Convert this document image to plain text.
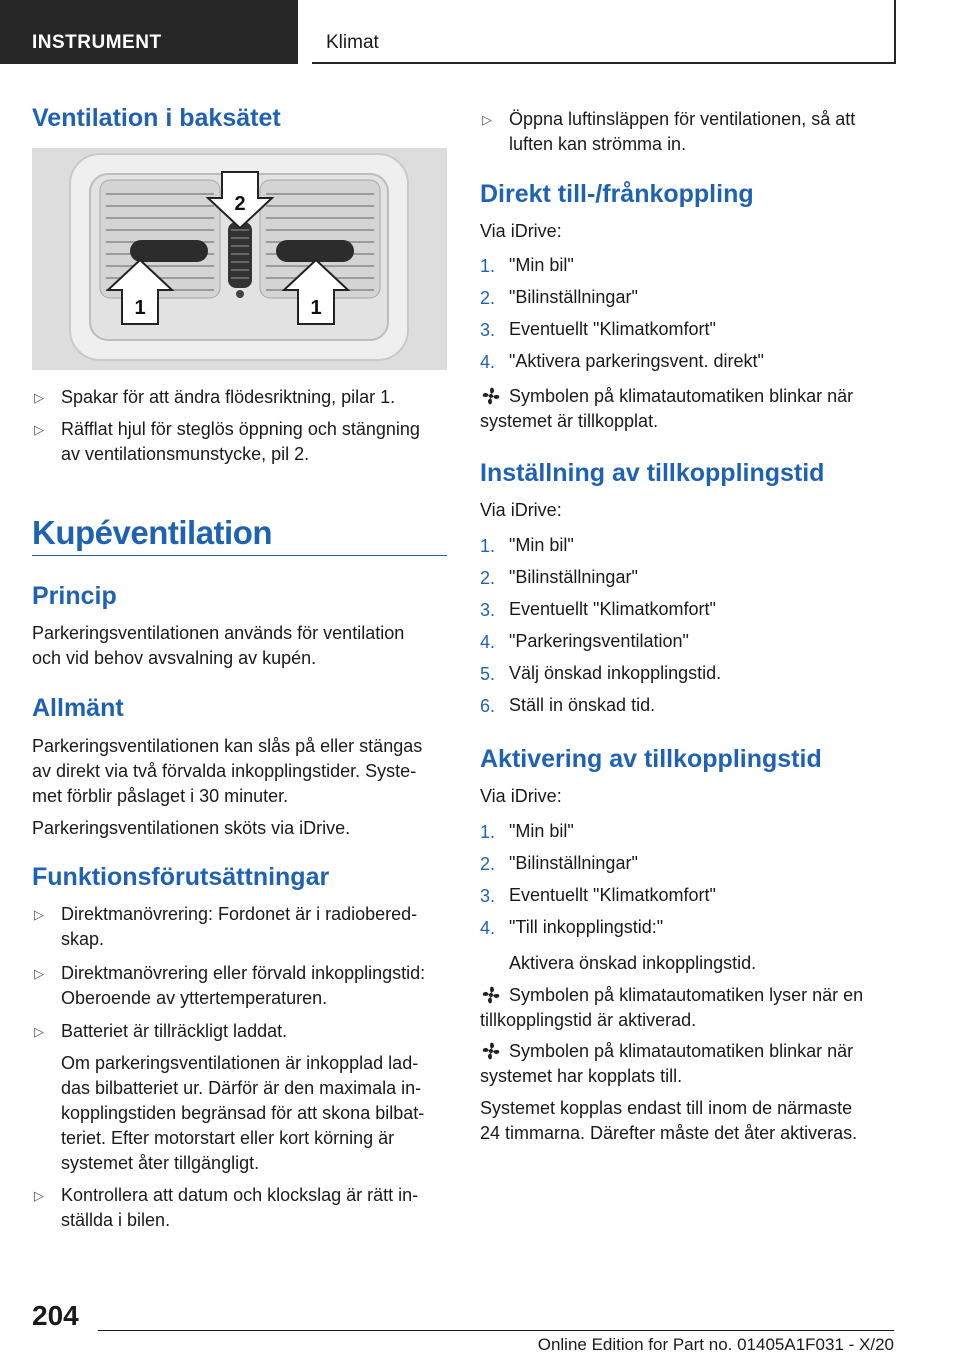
INSTRUMENT	Klimat
Ventilation i baksätet
2
1	1
▷ Spakar för att ändra flödesriktning, pilar 1.
▷ Räfflat hjul för steglös öppning och stängning
av ventilationsmunstycke, pil 2.
Kupéventilation
Princip
Parkeringsventilationen används för ventilation
och vid behov avsvalning av kupén.
Allmänt
Parkeringsventilationen kan slås på eller stängas
av direkt via två förvalda inkopplingstider. Syste-
met förblir påslaget i 30 minuter.
Parkeringsventilationen sköts via iDrive.
Funktionsförutsättningar
▷ Direktmanövrering: Fordonet är i radiobered-
skap.
▷ Direktmanövrering eller förvald inkopplingstid:
Oberoende av yttertemperaturen.
▷ Batteriet är tillräckligt laddat.
Om parkeringsventilationen är inkopplad lad-
das bilbatteriet ur. Därför är den maximala in-
kopplingstiden begränsad för att skona bilbat-
teriet. Efter motorstart eller kort körning är
systemet åter tillgängligt.
▷ Kontrollera att datum och klockslag är rätt in-
ställda i bilen.
▷ Öppna luftinsläppen för ventilationen, så att
luften kan strömma in.
Direkt till-/frånkoppling
Via iDrive:
1. "Min bil"
2. "Bilinställningar"
3. Eventuellt "Klimatkomfort"
4. "Aktivera parkeringsvent. direkt"
Symbolen på klimatautomatiken blinkar när
systemet är tillkopplat.
Inställning av tillkopplingstid
Via iDrive:
1. "Min bil"
2. "Bilinställningar"
3. Eventuellt "Klimatkomfort"
4. "Parkeringsventilation"
5. Välj önskad inkopplingstid.
6. Ställ in önskad tid.
Aktivering av tillkopplingstid
Via iDrive:
1. "Min bil"
2. "Bilinställningar"
3. Eventuellt "Klimatkomfort"
4. "Till inkopplingstid:"
Aktivera önskad inkopplingstid.
Symbolen på klimatautomatiken lyser när en
tillkopplingstid är aktiverad.
Symbolen på klimatautomatiken blinkar när
systemet har kopplats till.
Systemet kopplas endast till inom de närmaste
24 timmarna. Därefter måste det åter aktiveras.
204
Online Edition for Part no. 01405A1F031 - X/20
